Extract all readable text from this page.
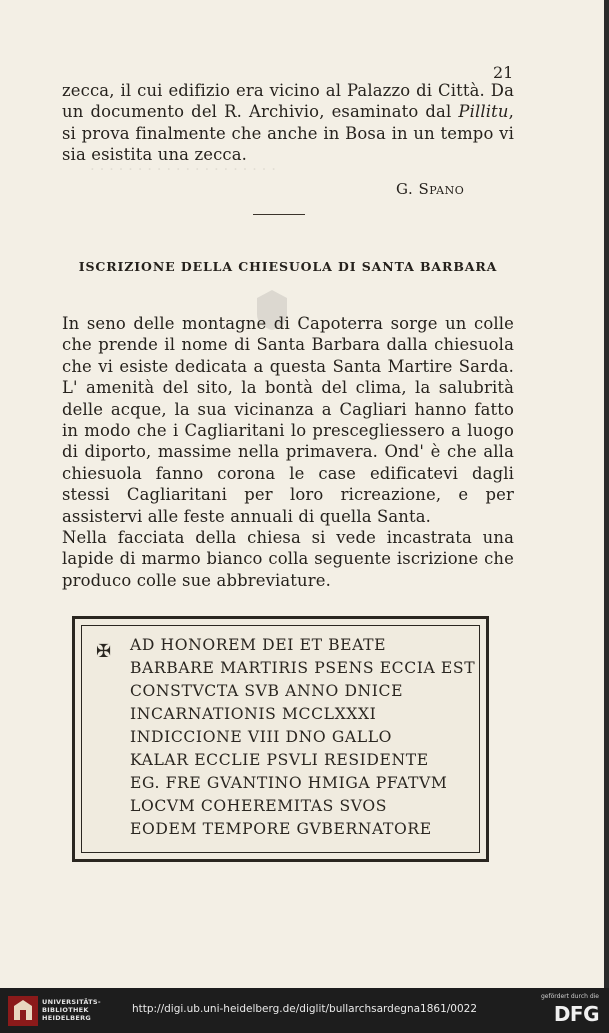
· · · · · · · · · · · · · · · · · · · ·
21

zecca, il cui edifizio era vicino al Palazzo di Città. Da un documento del R. Archivio, esaminato dal Pillitu, si prova finalmente che anche in Bosa in un tempo vi sia esistita una zecca.

G. Spano
ISCRIZIONE DELLA CHIESUOLA DI SANTA BARBARA

In seno delle montagne di Capoterra sorge un colle che prende il nome di Santa Barbara dalla chiesuola che vi esiste dedicata a questa Santa Martire Sarda. L' amenità del sito, la bontà del clima, la salubrità delle acque, la sua vicinanza a Cagliari hanno fatto in modo che i Cagliaritani lo prescegliessero a luogo di diporto, massime nella primavera. Ond' è che alla chiesuola fanno corona le case edificatevi dagli stessi Cagliaritani per loro ricreazione, e per assistervi alle feste annuali di quella Santa.

Nella facciata della chiesa si vede incastrata una lapide di marmo bianco colla seguente iscrizione che produco colle sue abbreviature.

✠ AD HONOREM DEI ET BEATE
BARBARE MARTIRIS PSENS ECCIA EST
CONSTVCTA SVB ANNO DNICE
INCARNATIONIS MCCLXXXI
INDICCIONE VIII DNO GALLO
KALAR ECCLIE PSVLI RESIDENTE
EG. FRE GVANTINO HMIGA PFATVM
LOCVM COHEREMITAS SVOS
EODEM TEMPORE GVBERNATORE
UNIVERSITÄTS-
BIBLIOTHEK
HEIDELBERG
http://digi.ub.uni-heidelberg.de/diglit/bullarchsardegna1861/0022
gefördert durch die
DFG
